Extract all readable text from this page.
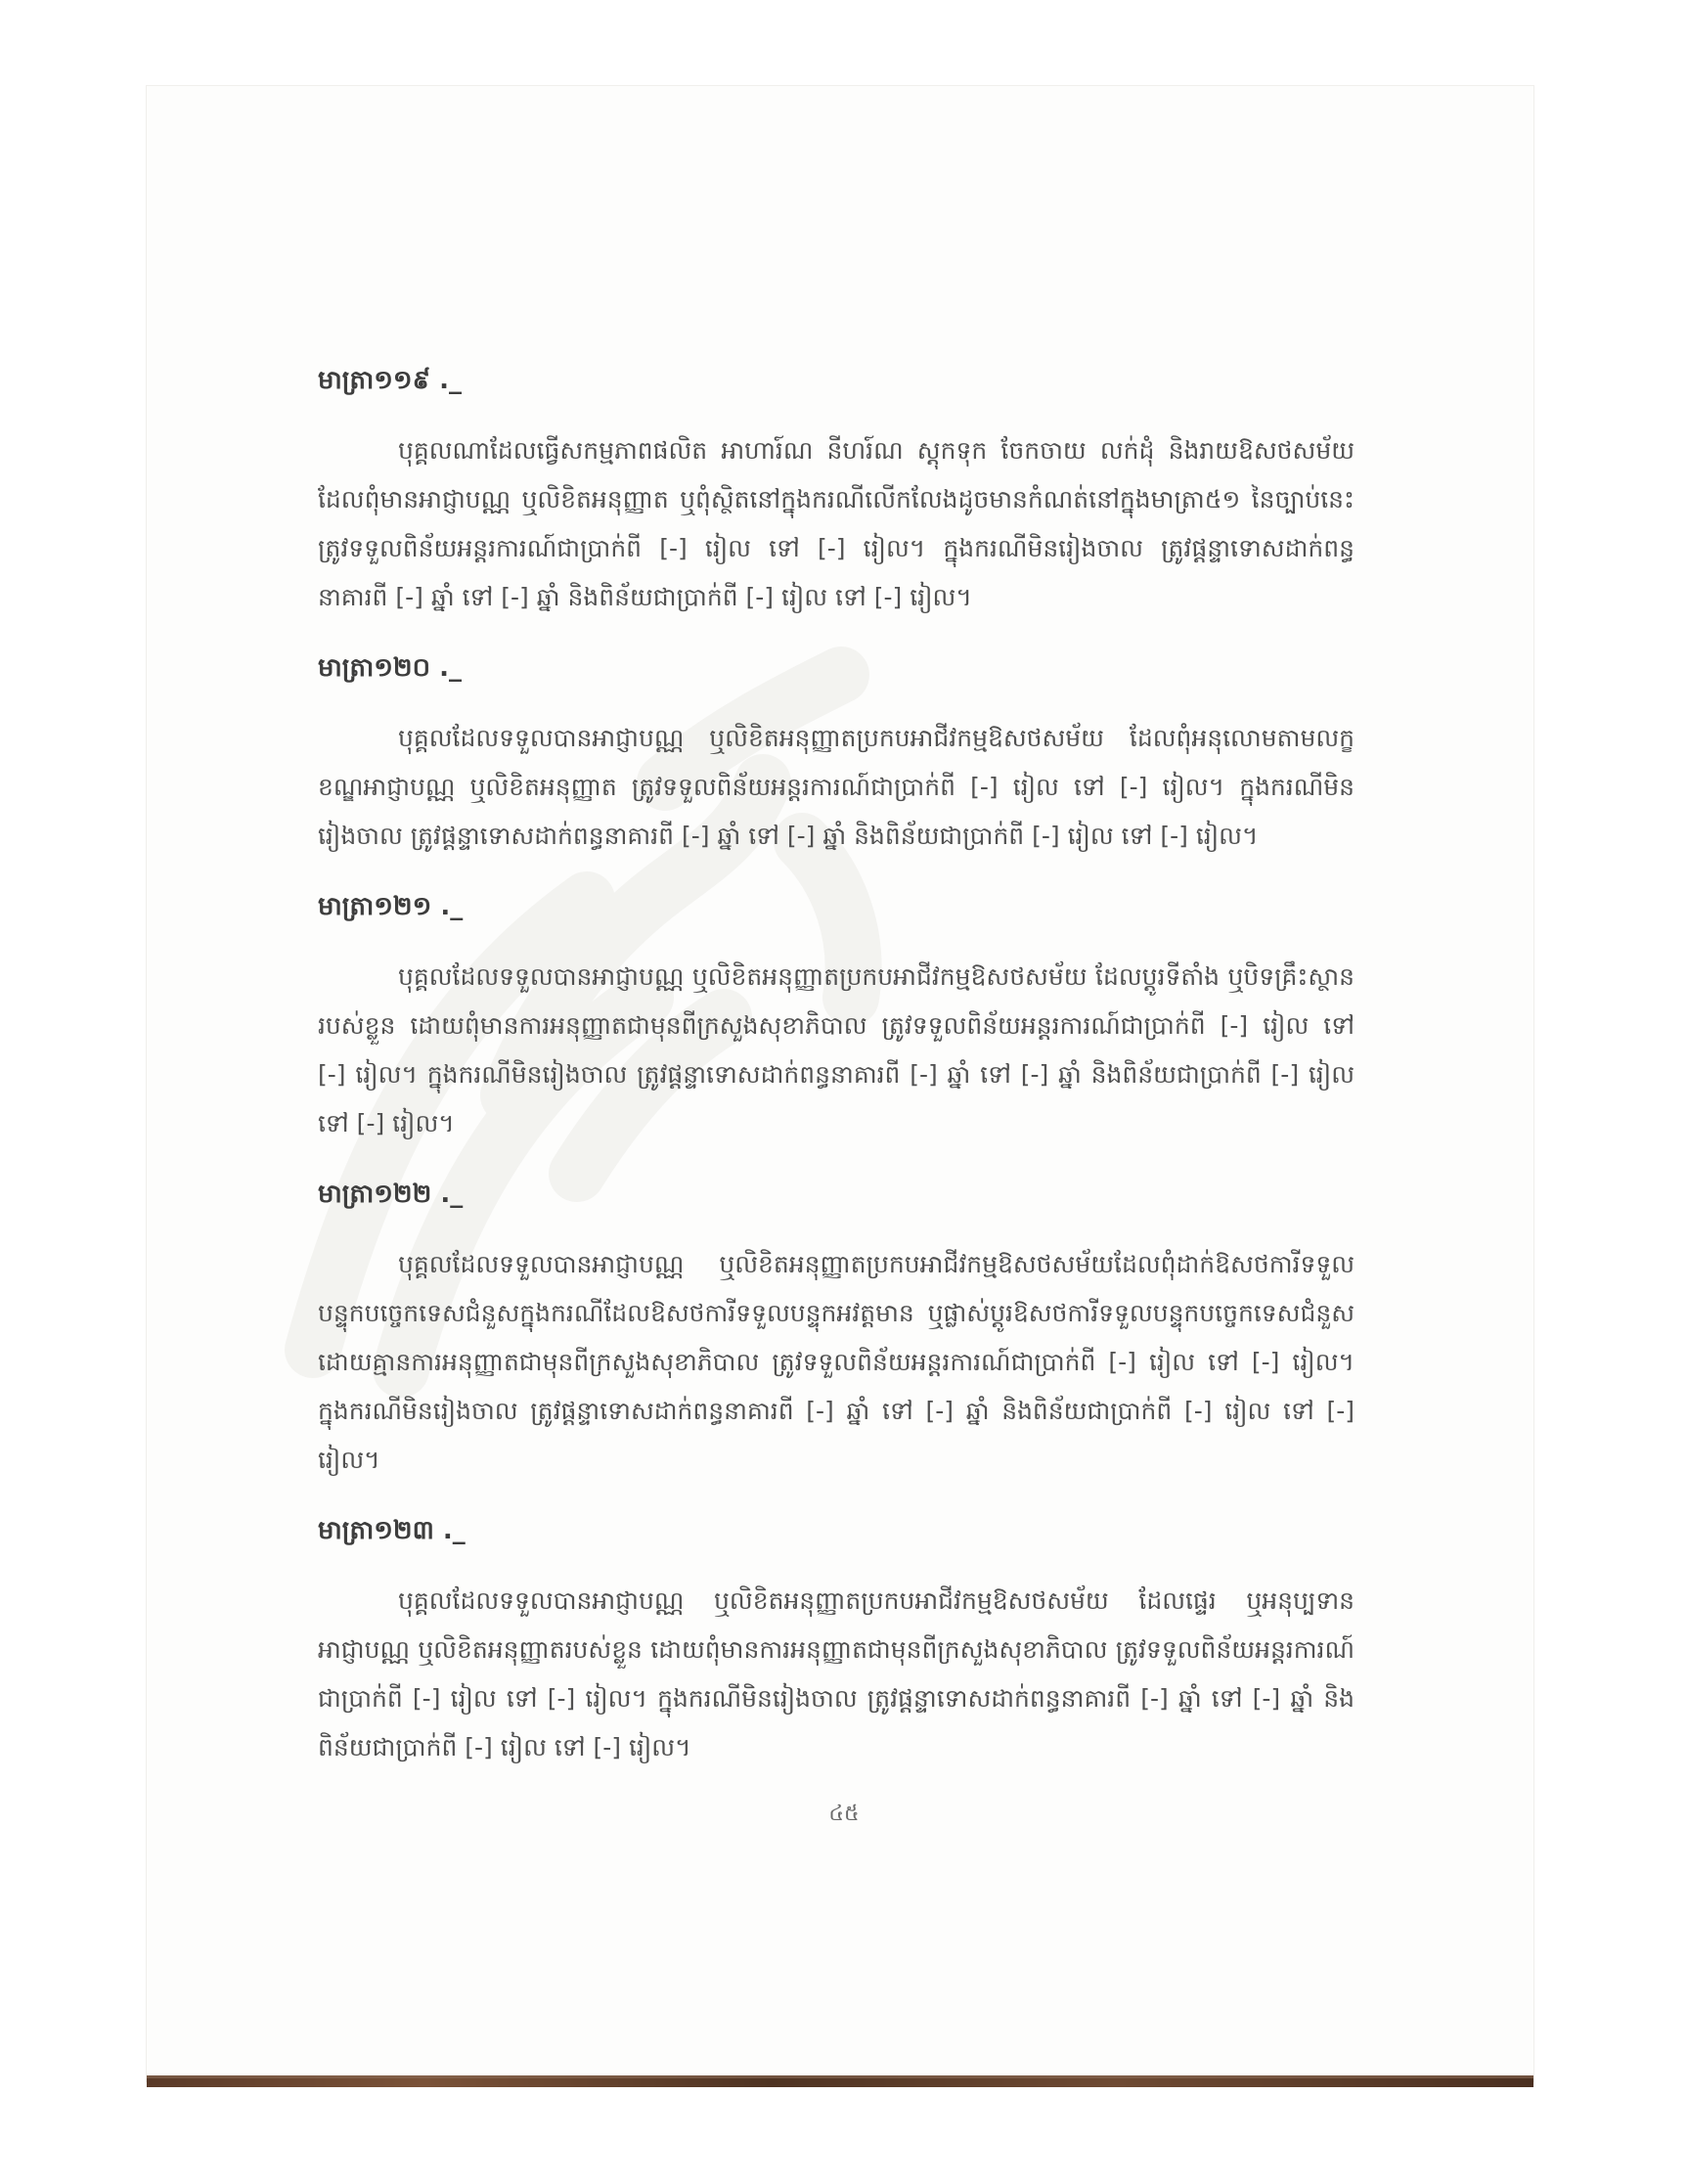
មាត្រា១១៩ ._

បុគ្គលណាដែលធ្វើសកម្មភាពផលិត អាហារ៍ណ នីហរ៍ណ ស្តុកទុក ចែកចាយ លក់ដុំ និងរាយឱសថសម័យ ដែលពុំមានអាជ្ញាបណ្ណ ឬលិខិតអនុញ្ញាត ឬពុំស្ថិតនៅក្នុងករណីលើកលែងដូចមានកំណត់នៅក្នុងមាត្រា៥១ នៃច្បាប់នេះ ត្រូវទទួលពិន័យអន្តរការណ៍ជាប្រាក់ពី [-] រៀល ទៅ [-] រៀល។ ក្នុងករណីមិនរៀងចាល ត្រូវផ្តន្ទាទោសដាក់ពន្ធនាគារពី [-] ឆ្នាំ ទៅ [-] ឆ្នាំ និងពិន័យជាប្រាក់ពី [-] រៀល ទៅ [-] រៀល។

មាត្រា១២០ ._

បុគ្គលដែលទទួលបានអាជ្ញាបណ្ណ ឬលិខិតអនុញ្ញាតប្រកបអាជីវកម្មឱសថសម័យ ដែលពុំអនុលោមតាមលក្ខខណ្ឌអាជ្ញាបណ្ណ ឬលិខិតអនុញ្ញាត ត្រូវទទួលពិន័យអន្តរការណ៍ជាប្រាក់ពី [-] រៀល ទៅ [-] រៀល។ ក្នុងករណីមិនរៀងចាល ត្រូវផ្តន្ទាទោសដាក់ពន្ធនាគារពី [-] ឆ្នាំ ទៅ [-] ឆ្នាំ និងពិន័យជាប្រាក់ពី [-] រៀល ទៅ [-] រៀល។

មាត្រា១២១ ._

បុគ្គលដែលទទួលបានអាជ្ញាបណ្ណ ឬលិខិតអនុញ្ញាតប្រកបអាជីវកម្មឱសថសម័យ ដែលប្តូរទីតាំង ឬបិទគ្រឹះស្ថានរបស់ខ្លួន ដោយពុំមានការអនុញ្ញាតជាមុនពីក្រសួងសុខាភិបាល ត្រូវទទួលពិន័យអន្តរការណ៍ជាប្រាក់ពី [-] រៀល ទៅ [-] រៀល។ ក្នុងករណីមិនរៀងចាល ត្រូវផ្តន្ទាទោសដាក់ពន្ធនាគារពី [-] ឆ្នាំ ទៅ [-] ឆ្នាំ និងពិន័យជាប្រាក់ពី [-] រៀល ទៅ [-] រៀល។

មាត្រា១២២ ._

បុគ្គលដែលទទួលបានអាជ្ញាបណ្ណ ឬលិខិតអនុញ្ញាតប្រកបអាជីវកម្មឱសថសម័យដែលពុំដាក់ឱសថការីទទួលបន្ទុកបច្ចេកទេសជំនួសក្នុងករណីដែលឱសថការីទទួលបន្ទុកអវត្តមាន ឬផ្លាស់ប្តូរឱសថការីទទួលបន្ទុកបច្ចេកទេសជំនួស ដោយគ្មានការអនុញ្ញាតជាមុនពីក្រសួងសុខាភិបាល ត្រូវទទួលពិន័យអន្តរការណ៍ជាប្រាក់ពី [-] រៀល ទៅ [-] រៀល។ ក្នុងករណីមិនរៀងចាល ត្រូវផ្តន្ទាទោសដាក់ពន្ធនាគារពី [-] ឆ្នាំ ទៅ [-] ឆ្នាំ និងពិន័យជាប្រាក់ពី [-] រៀល ទៅ [-] រៀល។

មាត្រា១២៣ ._

បុគ្គលដែលទទួលបានអាជ្ញាបណ្ណ ឬលិខិតអនុញ្ញាតប្រកបអាជីវកម្មឱសថសម័យ ដែលផ្ទេរ ឬអនុប្បទានអាជ្ញាបណ្ណ ឬលិខិតអនុញ្ញាតរបស់ខ្លួន ដោយពុំមានការអនុញ្ញាតជាមុនពីក្រសួងសុខាភិបាល ត្រូវទទួលពិន័យអន្តរការណ៍ជាប្រាក់ពី [-] រៀល ទៅ [-] រៀល។ ក្នុងករណីមិនរៀងចាល ត្រូវផ្តន្ទាទោសដាក់ពន្ធនាគារពី [-] ឆ្នាំ ទៅ [-] ឆ្នាំ និងពិន័យជាប្រាក់ពី [-] រៀល ទៅ [-] រៀល។

៤៥
